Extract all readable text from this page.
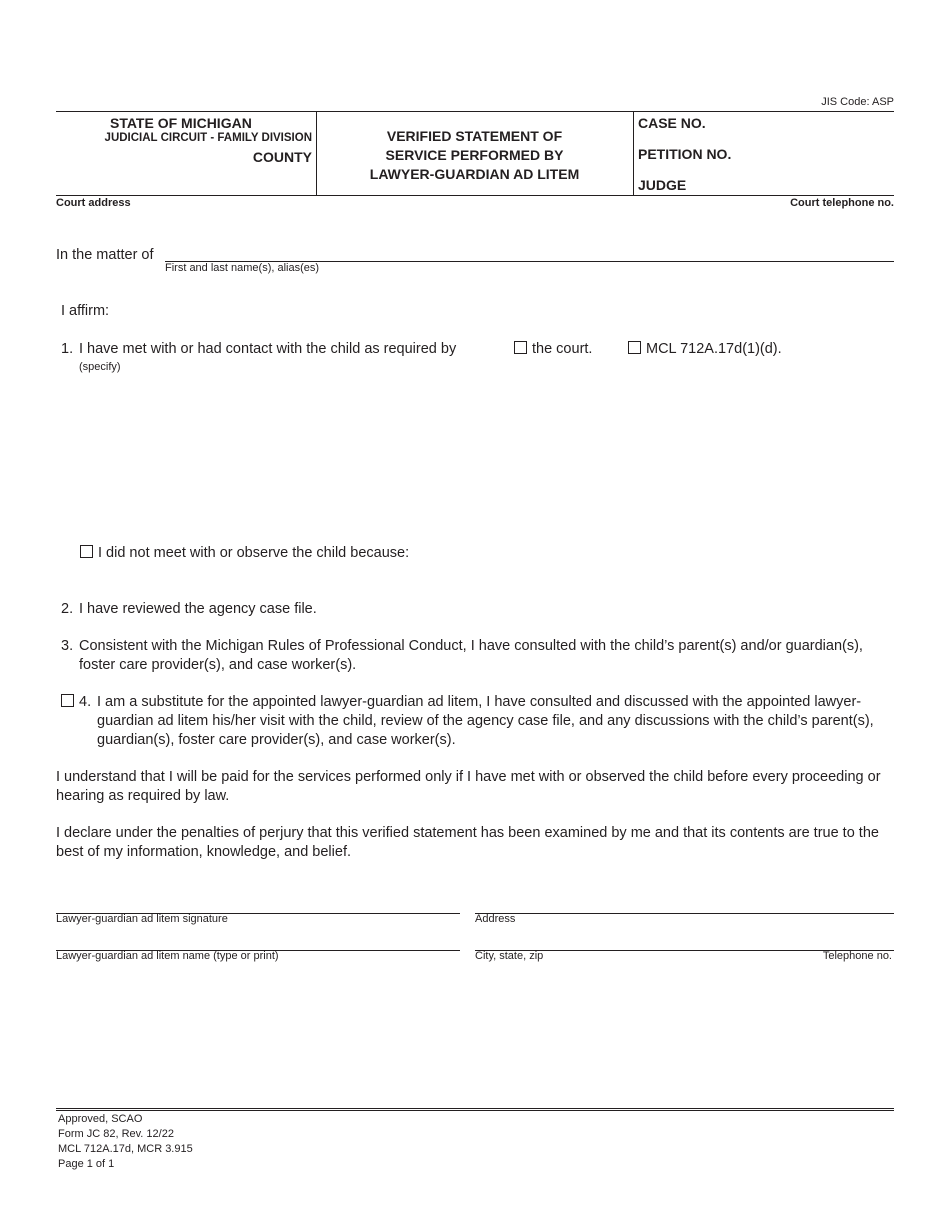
JIS Code: ASP
STATE OF MICHIGAN
JUDICIAL CIRCUIT - FAMILY DIVISION
COUNTY
VERIFIED STATEMENT OF
SERVICE PERFORMED BY
LAWYER-GUARDIAN AD LITEM
CASE NO.
PETITION NO.
JUDGE
Court address	Court telephone no.
In the matter of
First and last name(s), alias(es)
I affirm:
1. I have met with or had contact with the child as required by
(specify)
the court.	MCL 712A.17d(1)(d).
I did not meet with or observe the child because:
2. I have reviewed the agency case file.
3. Consistent with the Michigan Rules of Professional Conduct, I have consulted with the child’s parent(s) and/or guardian(s), foster care provider(s), and case worker(s).
4. I am a substitute for the appointed lawyer-guardian ad litem, I have consulted and discussed with the appointed lawyer-guardian ad litem his/her visit with the child, review of the agency case file, and any discussions with the child’s parent(s), guardian(s), foster care provider(s), and case worker(s).
I understand that I will be paid for the services performed only if I have met with or observed the child before every proceeding or hearing as required by law.
I declare under the penalties of perjury that this verified statement has been examined by me and that its contents are true to the best of my information, knowledge, and belief.
Lawyer-guardian ad litem signature	Address
Lawyer-guardian ad litem name (type or print)	City, state, zip	Telephone no.
Approved, SCAO
Form JC 82, Rev. 12/22
MCL 712A.17d, MCR 3.915
Page 1 of 1
